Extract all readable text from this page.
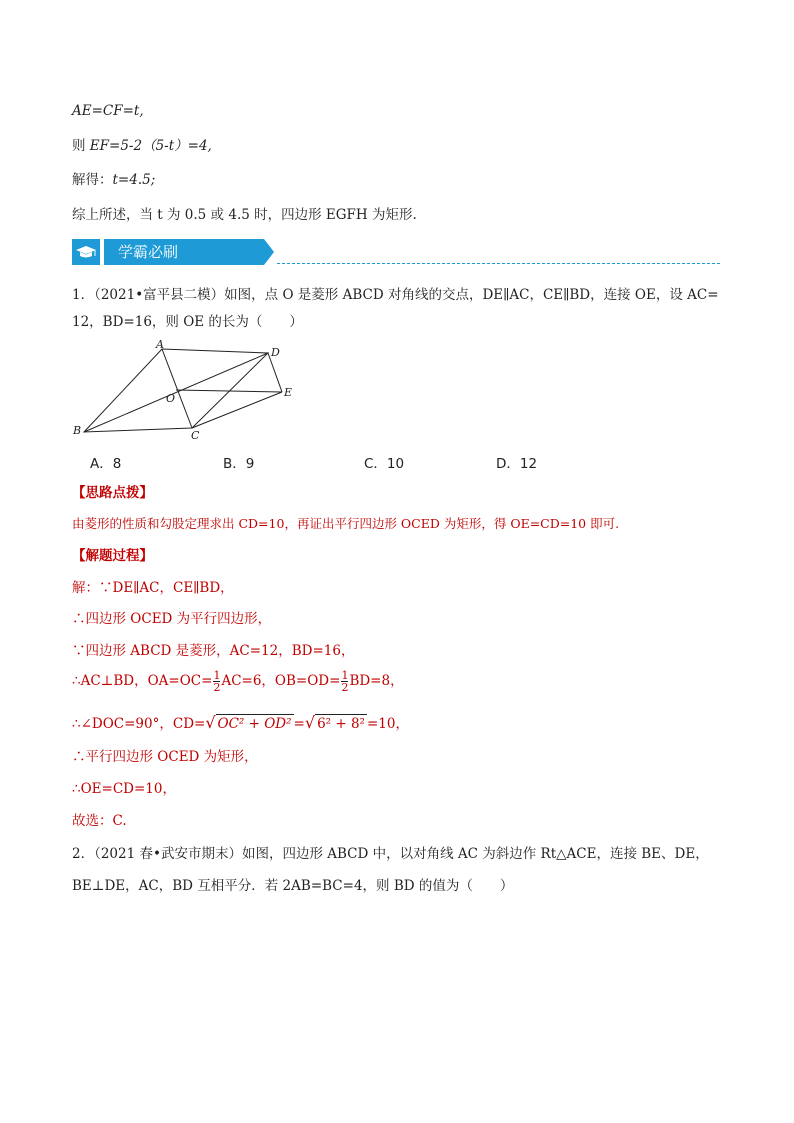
AE=CF=t,
则 EF=5-2（5-t）=4,
解得：t=4.5;
综上所述，当 t 为 0.5 或 4.5 时，四边形 EGFH 为矩形.
学霸必刷
1．（2021•富平县二模）如图，点 O 是菱形 ABCD 对角线的交点，DE∥AC，CE∥BD，连接 OE，设 AC=
12，BD=16，则 OE 的长为（　　）
A
D
E
O
B	C
A．8	B．9	C．10	D．12
【思路点拨】
由菱形的性质和勾股定理求出 CD=10，再证出平行四边形 OCED 为矩形，得 OE=CD=10 即可.
【解题过程】
解：∵DE∥AC，CE∥BD，
∴四边形 OCED 为平行四边形，
∵四边形 ABCD 是菱形，AC=12，BD=16，
∴AC⊥BD，$OA=OC= \frac{1}{2} AC=6$，$OB=OD= \frac{1}{2} BD=8$，
∴∠DOC=90°，CD=√ OC² + OD² =√ 6² + 8² =10，
∴平行四边形 OCED 为矩形，
∴OE=CD=10，
故选：C.
2．（2021 春•武安市期末）如图，四边形 ABCD 中，以对角线 AC 为斜边作 Rt△ACE，连接 BE、DE，
BE⊥DE，AC，BD 互相平分．若 2AB=BC=4，则 BD 的值为（　　）
